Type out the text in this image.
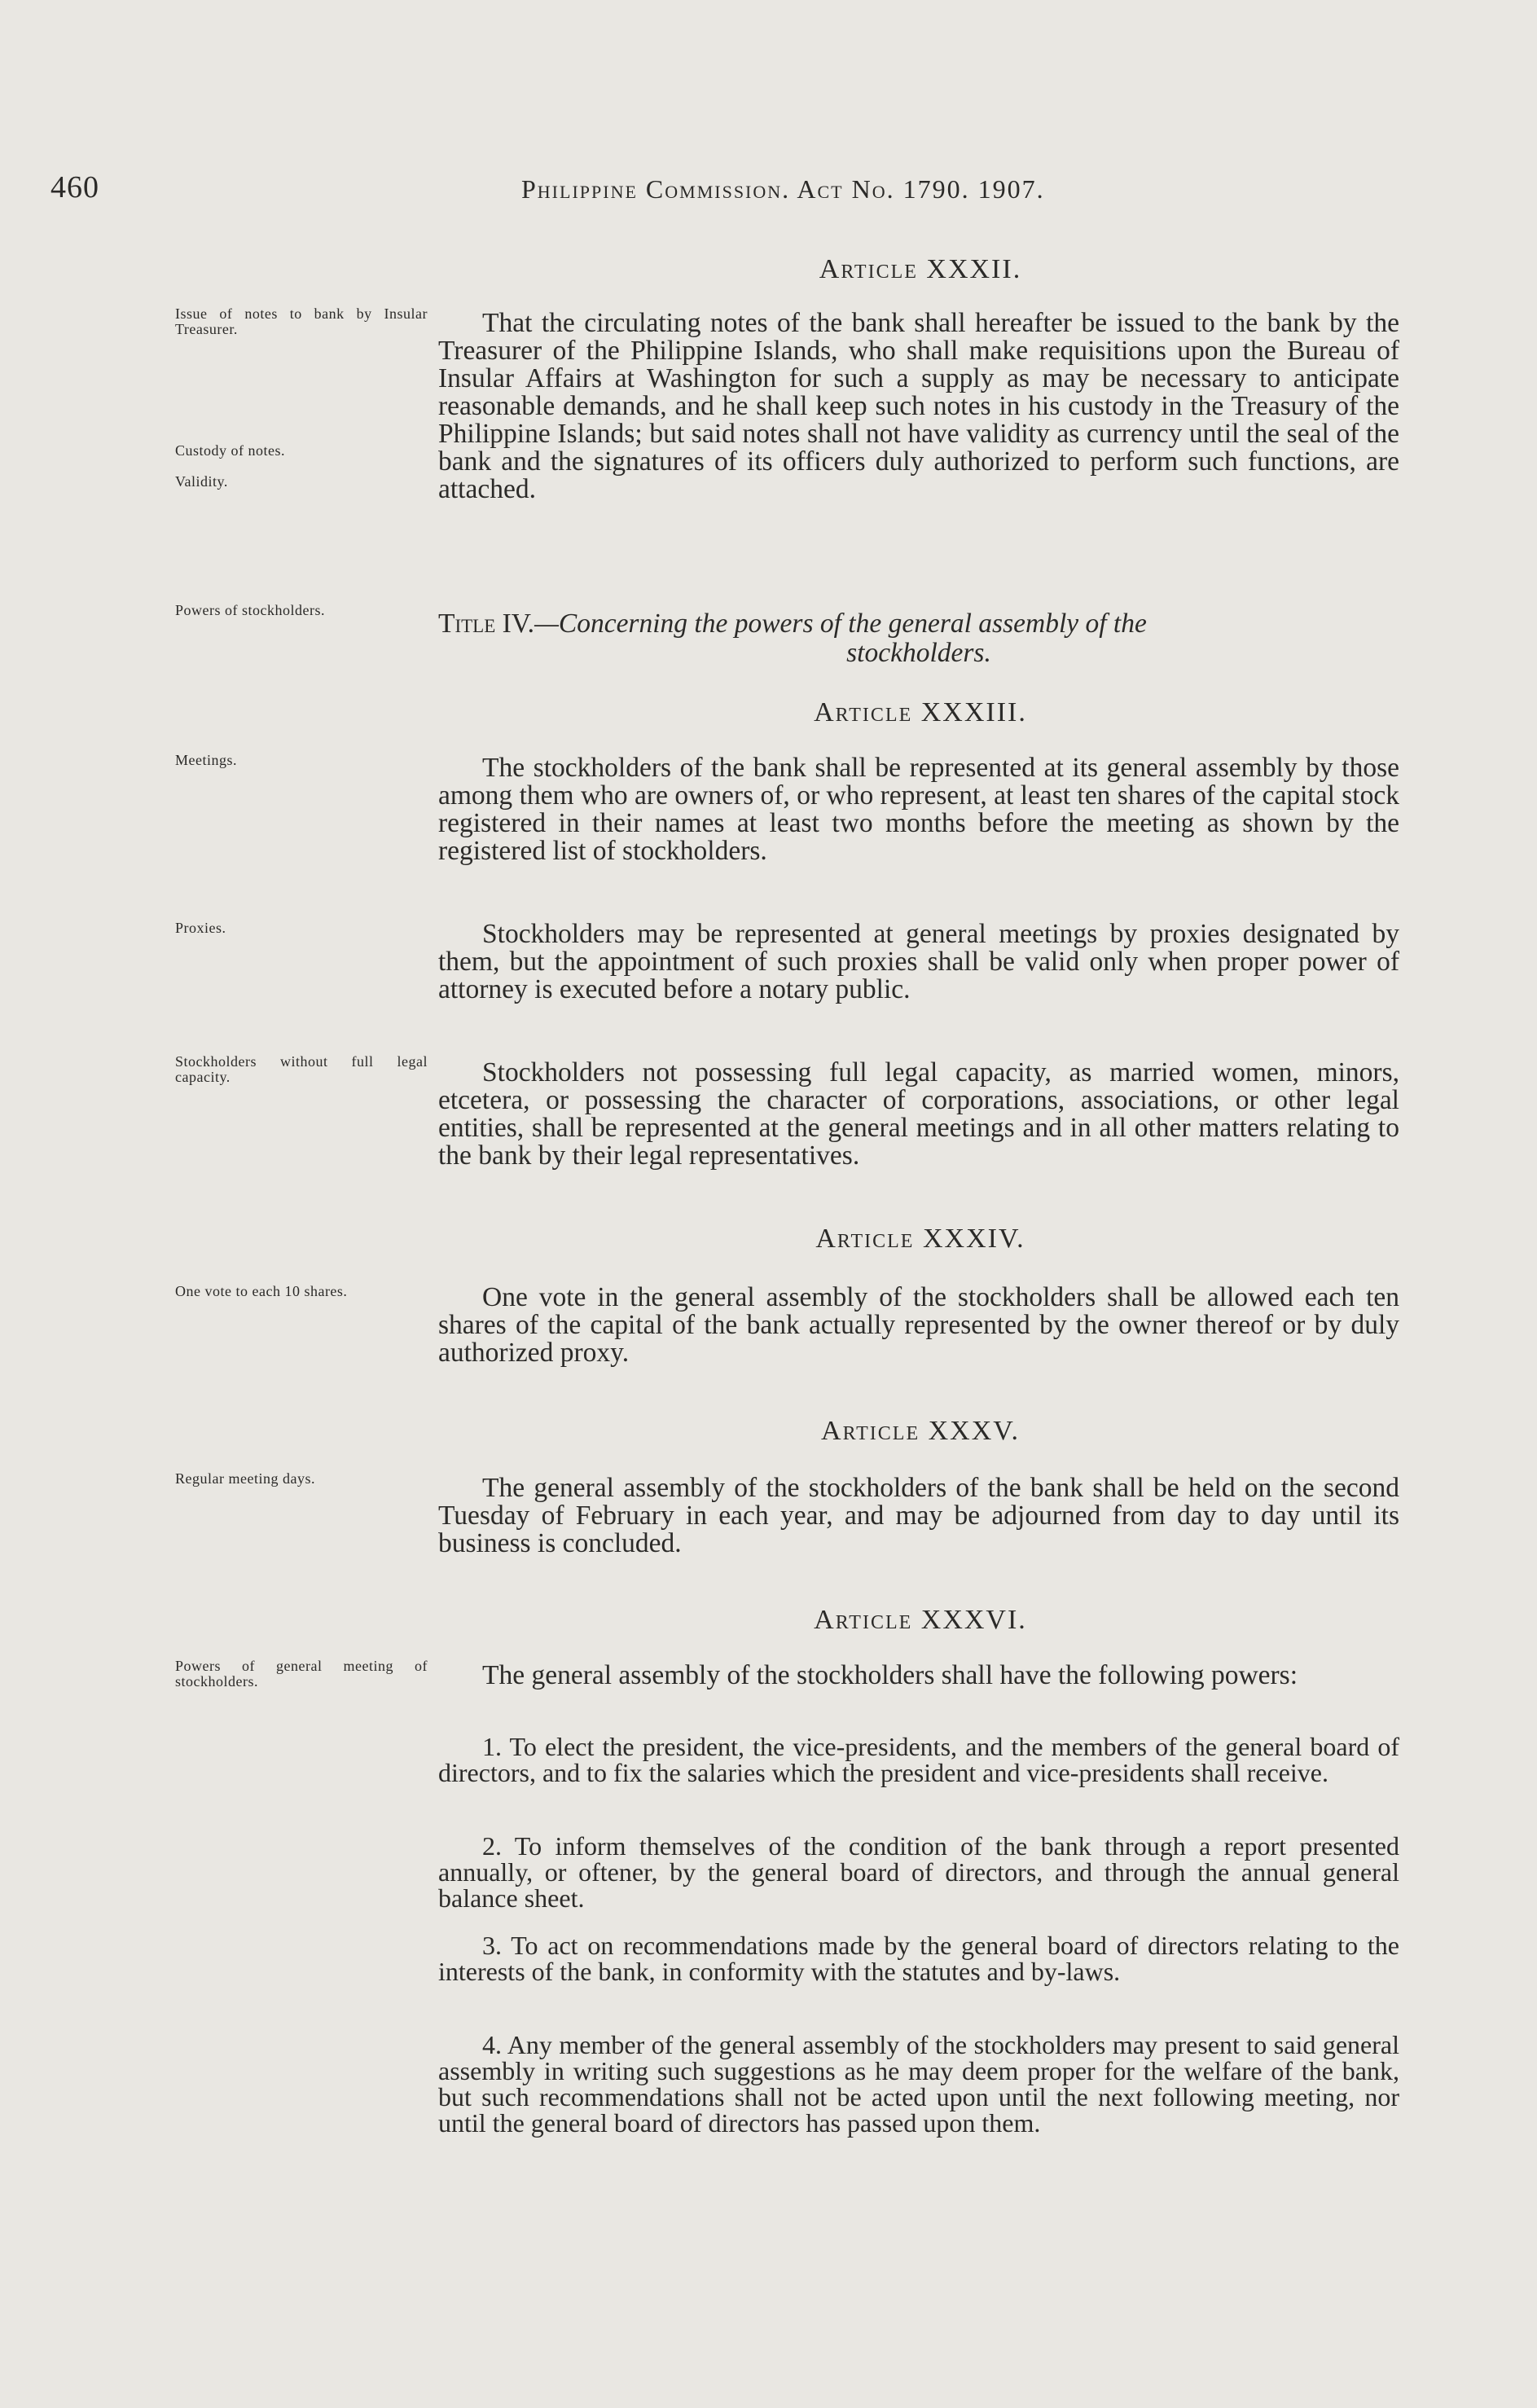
460	Philippine Commission. Act No. 1790. 1907.
Article XXXII.
Issue of notes to bank by Insular Treasurer.
Custody of notes.
Validity.
That the circulating notes of the bank shall hereafter be issued to the bank by the Treasurer of the Philippine Islands, who shall make requisitions upon the Bureau of Insular Affairs at Washington for such a supply as may be necessary to anticipate reasonable demands, and he shall keep such notes in his custody in the Treasury of the Philippine Islands; but said notes shall not have validity as currency until the seal of the bank and the signatures of its officers duly authorized to perform such functions, are attached.
Powers of stockholders.	Title IV.—Concerning the powers of the general assembly of the
stockholders.
Article XXXIII.
Meetings.	The stockholders of the bank shall be represented at its general assembly by those among them who are owners of, or who represent, at least ten shares of the capital stock registered in their names at least two months before the meeting as shown by the registered list of stockholders.
Proxies.	Stockholders may be represented at general meetings by proxies designated by them, but the appointment of such proxies shall be valid only when proper power of attorney is executed before a notary public.
Stockholders without full legal capacity.	Stockholders not possessing full legal capacity, as married women, minors, etcetera, or possessing the character of corporations, associations, or other legal entities, shall be represented at the general meetings and in all other matters relating to the bank by their legal representatives.
Article XXXIV.
One vote to each 10 shares.	One vote in the general assembly of the stockholders shall be allowed each ten shares of the capital of the bank actually represented by the owner thereof or by duly authorized proxy.
Article XXXV.
Regular meeting days.	The general assembly of the stockholders of the bank shall be held on the second Tuesday of February in each year, and may be adjourned from day to day until its business is concluded.
Article XXXVI.
Powers of general meeting of stockholders.	The general assembly of the stockholders shall have the following powers:
1. To elect the president, the vice-presidents, and the members of the general board of directors, and to fix the salaries which the president and vice-presidents shall receive.
2. To inform themselves of the condition of the bank through a report presented annually, or oftener, by the general board of directors, and through the annual general balance sheet.
3. To act on recommendations made by the general board of directors relating to the interests of the bank, in conformity with the statutes and by-laws.
4. Any member of the general assembly of the stockholders may present to said general assembly in writing such suggestions as he may deem proper for the welfare of the bank, but such recommendations shall not be acted upon until the next following meeting, nor until the general board of directors has passed upon them.
